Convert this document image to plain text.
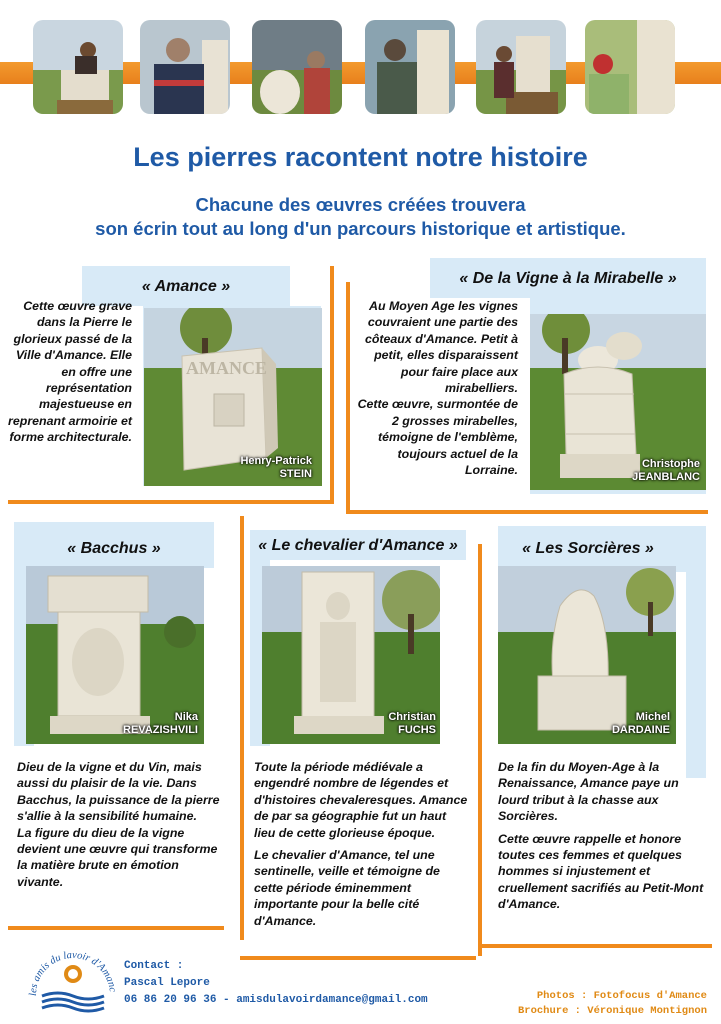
Les pierres racontent notre histoire
Chacune des œuvres créées trouvera
son écrin tout au long d'un parcours historique et artistique.
« Amance »
Cette œuvre grave dans la Pierre le glorieux passé de la Ville d'Amance. Elle en offre une représentation majestueuse en reprenant armoirie et forme architecturale.
AMANCE
Henry-Patrick
STEIN
« De la Vigne à la Mirabelle »

Au Moyen Age les vignes couvraient une partie des côteaux d'Amance. Petit à petit, elles disparaissent pour faire place aux mirabelliers.

Cette œuvre, surmontée de 2 grosses mirabelles, témoigne de l'emblème, toujours actuel de la Lorraine.	Christophe
JEANBLANC
« Bacchus »
Nika
REVAZISHVILI

Dieu de la vigne et du Vin, mais aussi du plaisir de la vie. Dans Bacchus, la puissance de la pierre s'allie à la sensibilité humaine.

La figure du dieu de la vigne devient une œuvre qui transforme la matière brute en émotion vivante.

« Le chevalier d'Amance »
Christian
FUCHS

Toute la période médiévale a engendré nombre de légendes et d'histoires chevaleresques. Amance de par sa géographie fut un haut lieu de cette glorieuse époque.

Le chevalier d'Amance, tel une sentinelle, veille et témoigne de cette période éminemment importante pour la belle cité d'Amance.

« Les Sorcières »
Michel
DARDAINE

De la fin du Moyen-Age à la Renaissance, Amance paye un lourd tribut à la chasse aux Sorcières.

Cette œuvre rappelle et honore toutes ces femmes et quelques hommes si injustement et cruellement sacrifiés au Petit-Mont d'Amance.

les amis du lavoir d'Amanc
Contact :
Pascal Lepore
06 86 20 96 36 - amisdulavoirdamance@gmail.com	Photos : Fotofocus d'Amance
Brochure : Véronique Montignon
